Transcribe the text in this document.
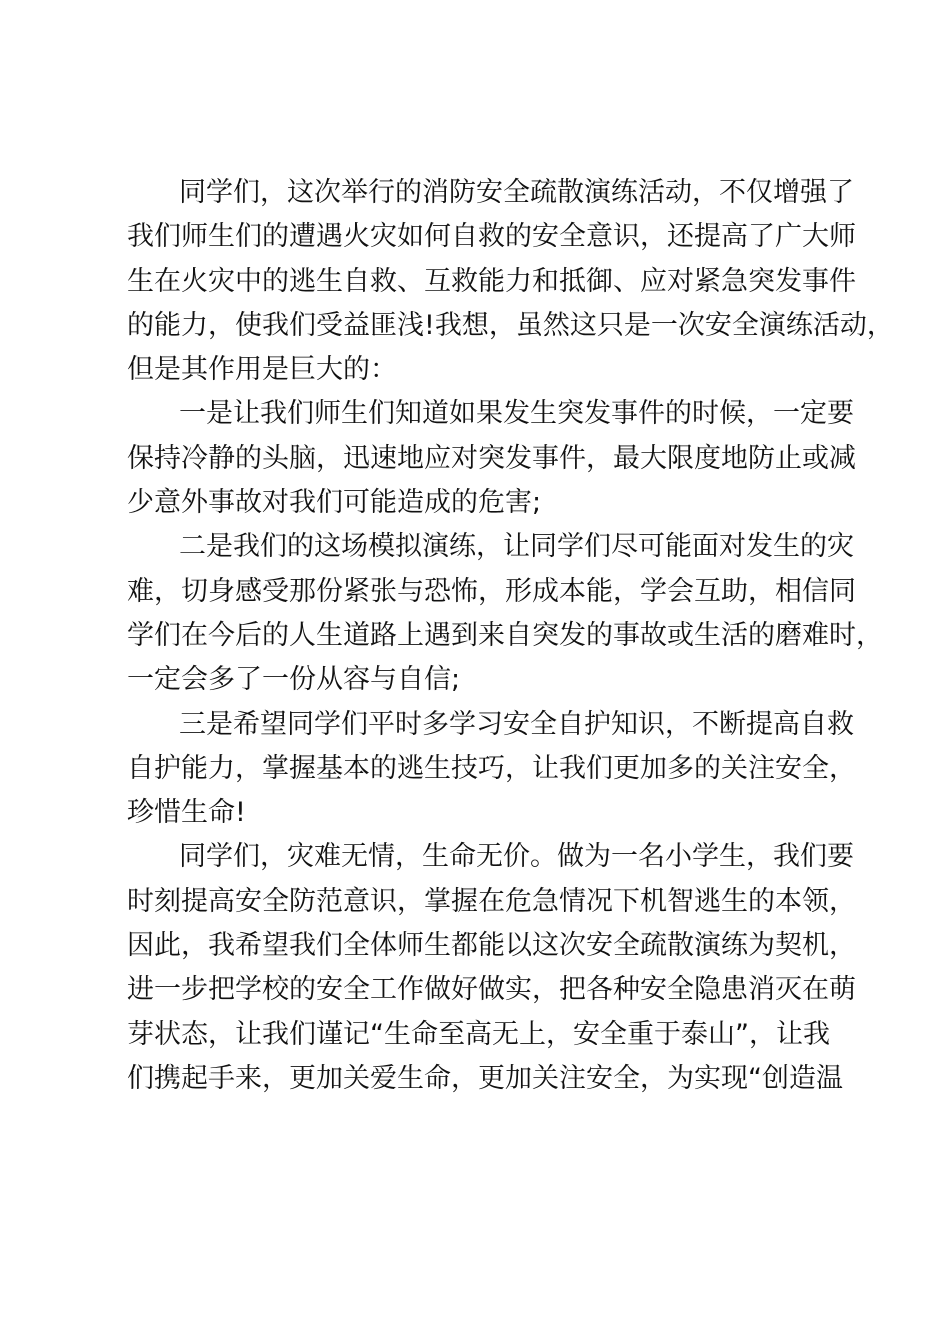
同学们，这次举行的消防安全疏散演练活动，不仅增强了
我们师生们的遭遇火灾如何自救的安全意识，还提高了广大师
生在火灾中的逃生自救、互救能力和抵御、应对紧急突发事件
的能力，使我们受益匪浅!我想，虽然这只是一次安全演练活动，
但是其作用是巨大的：
一是让我们师生们知道如果发生突发事件的时候，一定要
保持冷静的头脑，迅速地应对突发事件，最大限度地防止或减
少意外事故对我们可能造成的危害;
二是我们的这场模拟演练，让同学们尽可能面对发生的灾
难，切身感受那份紧张与恐怖，形成本能，学会互助，相信同
学们在今后的人生道路上遇到来自突发的事故或生活的磨难时，
一定会多了一份从容与自信;
三是希望同学们平时多学习安全自护知识，不断提高自救
自护能力，掌握基本的逃生技巧，让我们更加多的关注安全，
珍惜生命!
同学们，灾难无情，生命无价。做为一名小学生，我们要
时刻提高安全防范意识，掌握在危急情况下机智逃生的本领，
因此，我希望我们全体师生都能以这次安全疏散演练为契机，
进一步把学校的安全工作做好做实，把各种安全隐患消灭在萌
芽状态，让我们谨记“生命至高无上，安全重于泰山”，让我
们携起手来，更加关爱生命，更加关注安全，为实现“创造温
